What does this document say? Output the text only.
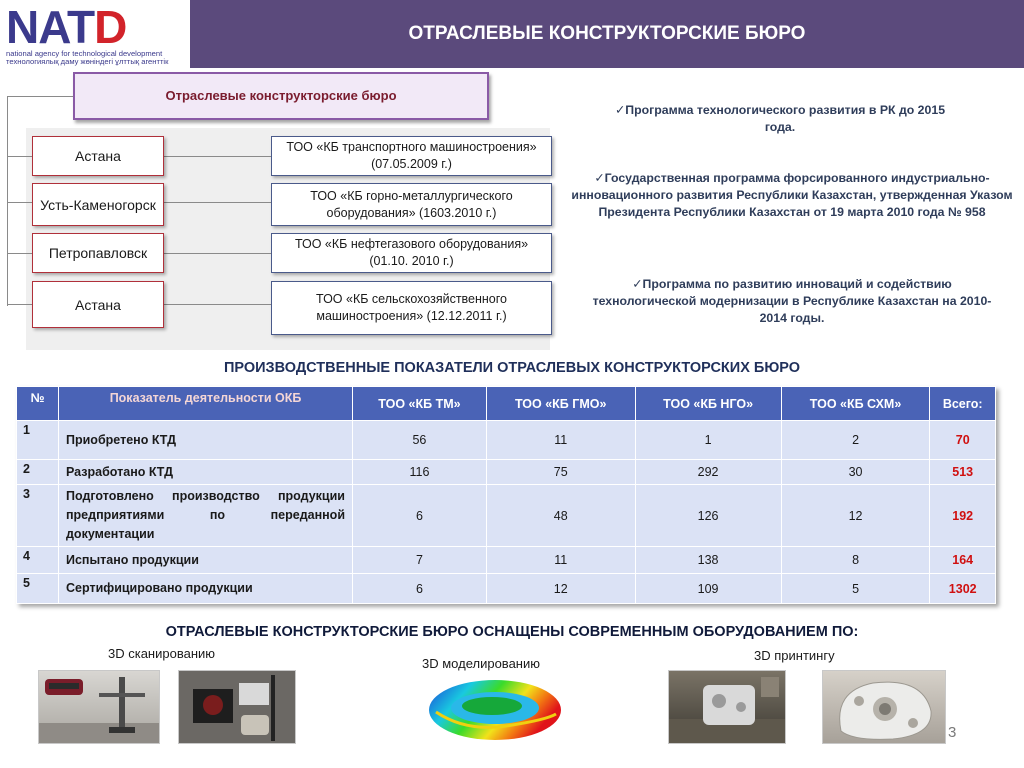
NATD
national agency for technological development
технологиялық даму жөніндегі ұлттық агенттік
ОТРАСЛЕВЫЕ КОНСТРУКТОРСКИЕ БЮРО
Отраслевые конструкторские бюро
Астана
Усть-Каменогорск
Петропавловск
Астана
ТОО «КБ транспортного машиностроения» (07.05.2009 г.)
ТОО «КБ горно-металлургического оборудования» (1603.2010 г.)
ТОО «КБ нефтегазового оборудования» (01.10. 2010 г.)
ТОО «КБ сельскохозяйственного машиностроения» (12.12.2011 г.)
✓Программа технологического развития в РК до 2015 года.
✓Государственная программа форсированного индустриально-инновационного развития Республики Казахстан, утвержденная Указом Президента Республики Казахстан от 19 марта 2010 года № 958
✓Программа по развитию инноваций и содействию технологической модернизации в Республике Казахстан на 2010-2014 годы.
ПРОИЗВОДСТВЕННЫЕ ПОКАЗАТЕЛИ ОТРАСЛЕВЫХ КОНСТРУКТОРСКИХ БЮРО
№	Показатель деятельности ОКБ	ТОО «КБ ТМ»	ТОО «КБ ГМО»	ТОО «КБ НГО»	ТОО «КБ СХМ»	Всего:
1	Приобретено КТД	56	11	1	2	70
2	Разработано КТД	116	75	292	30	513
3	Подготовлено производство продукции предприятиями по переданной документации	6	48	126	12	192
4	Испытано продукции	7	11	138	8	164
5	Сертифицировано продукции	6	12	109	5	1302
ОТРАСЛЕВЫЕ КОНСТРУКТОРСКИЕ БЮРО ОСНАЩЕНЫ СОВРЕМЕННЫМ ОБОРУДОВАНИЕМ ПО:
3D сканированию
3D моделированию
3D принтингу
3
